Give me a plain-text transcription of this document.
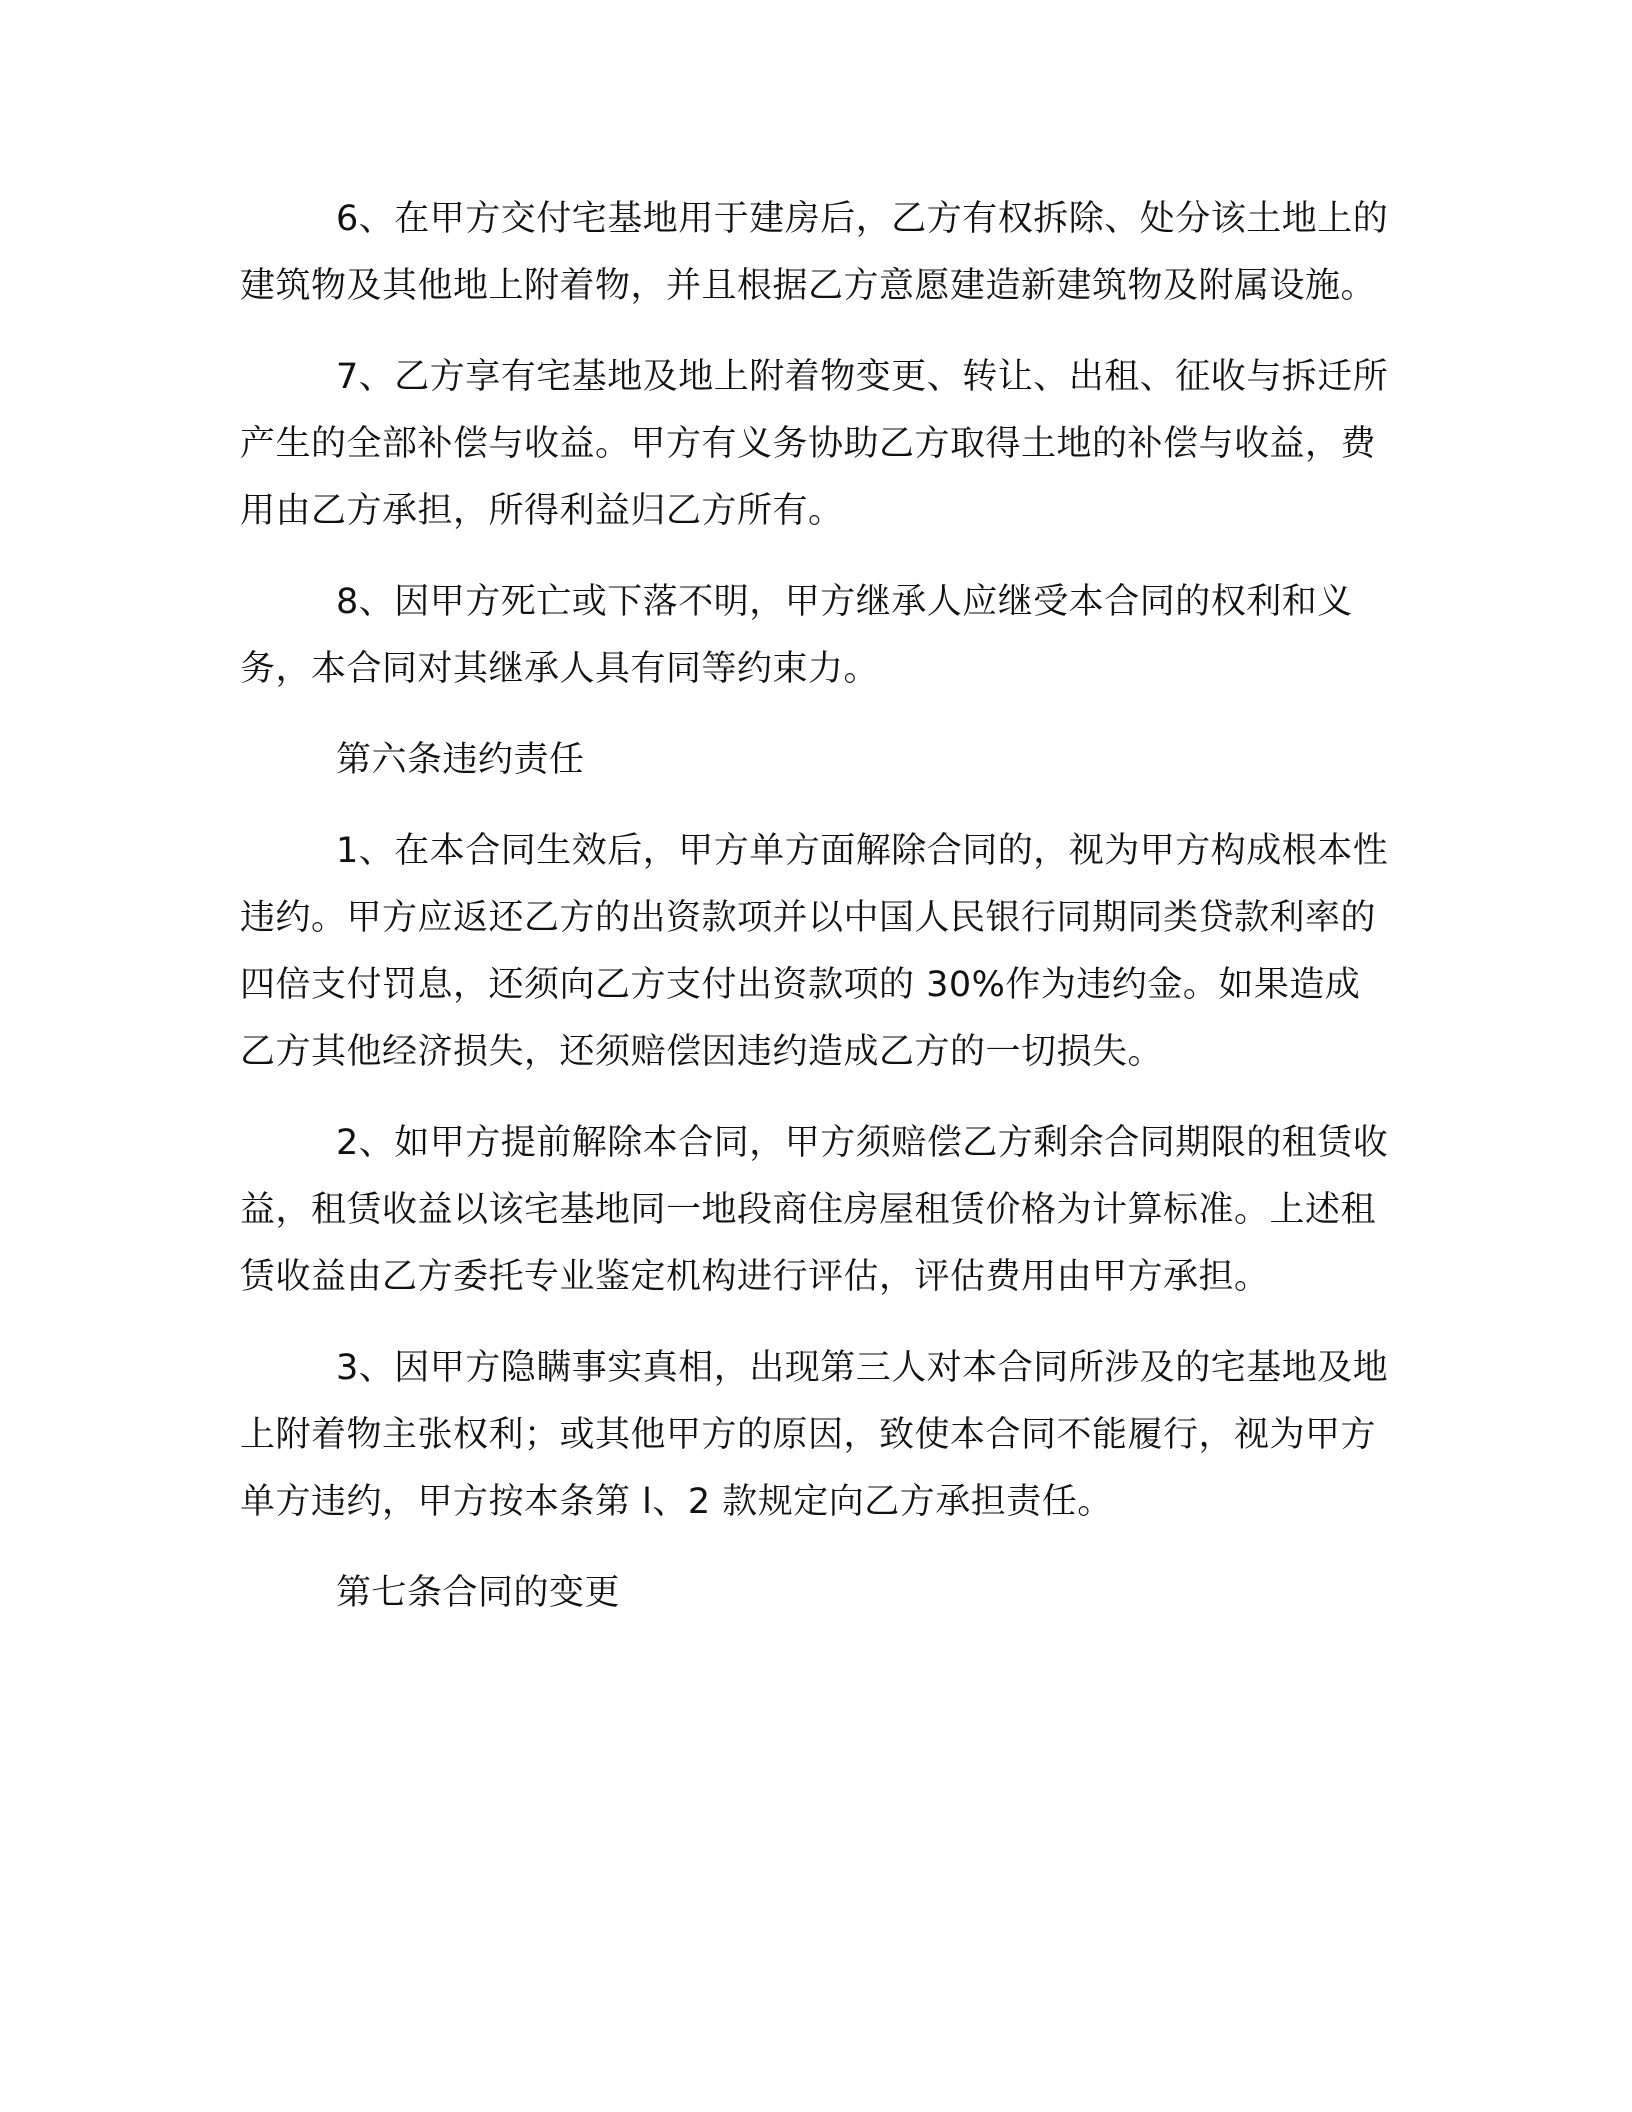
6、在甲方交付宅基地用于建房后，乙方有权拆除、处分该土地上的建筑物及其他地上附着物，并且根据乙方意愿建造新建筑物及附属设施。

7、乙方享有宅基地及地上附着物变更、转让、出租、征收与拆迁所产生的全部补偿与收益。甲方有义务协助乙方取得土地的补偿与收益，费用由乙方承担，所得利益归乙方所有。

8、因甲方死亡或下落不明，甲方继承人应继受本合同的权利和义务，本合同对其继承人具有同等约束力。

第六条违约责任

1、在本合同生效后，甲方单方面解除合同的，视为甲方构成根本性违约。甲方应返还乙方的出资款项并以中国人民银行同期同类贷款利率的四倍支付罚息，还须向乙方支付出资款项的 30%作为违约金。如果造成乙方其他经济损失，还须赔偿因违约造成乙方的一切损失。

2、如甲方提前解除本合同，甲方须赔偿乙方剩余合同期限的租赁收益，租赁收益以该宅基地同一地段商住房屋租赁价格为计算标准。上述租赁收益由乙方委托专业鉴定机构进行评估，评估费用由甲方承担。

3、因甲方隐瞒事实真相，出现第三人对本合同所涉及的宅基地及地上附着物主张权利；或其他甲方的原因，致使本合同不能履行，视为甲方单方违约，甲方按本条第 l、2 款规定向乙方承担责任。

第七条合同的变更
